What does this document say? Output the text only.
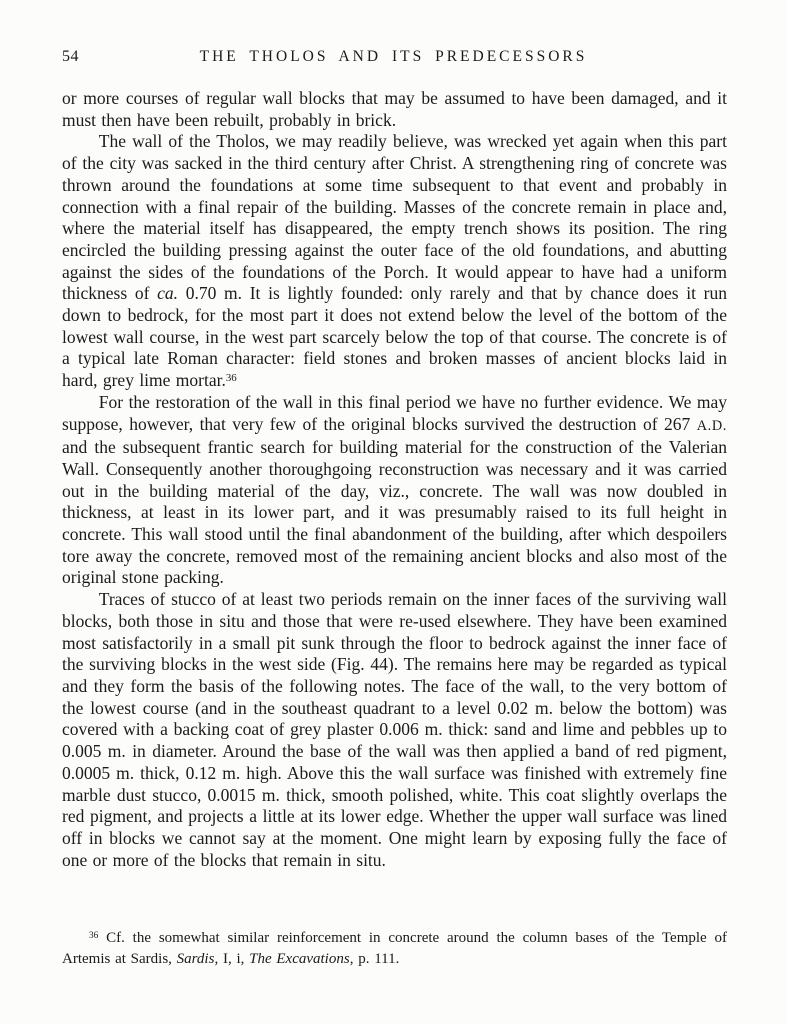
54	THE THOLOS AND ITS PREDECESSORS

or more courses of regular wall blocks that may be assumed to have been damaged, and it must then have been rebuilt, probably in brick.

The wall of the Tholos, we may readily believe, was wrecked yet again when this part of the city was sacked in the third century after Christ. A strengthening ring of concrete was thrown around the foundations at some time subsequent to that event and probably in connection with a final repair of the building. Masses of the concrete remain in place and, where the material itself has disappeared, the empty trench shows its position. The ring encircled the building pressing against the outer face of the old foundations, and abutting against the sides of the foundations of the Porch. It would appear to have had a uniform thickness of ca. 0.70 m. It is lightly founded: only rarely and that by chance does it run down to bedrock, for the most part it does not extend below the level of the bottom of the lowest wall course, in the west part scarcely below the top of that course. The concrete is of a typical late Roman character: field stones and broken masses of ancient blocks laid in hard, grey lime mortar.$^{36}$

For the restoration of the wall in this final period we have no further evidence. We may suppose, however, that very few of the original blocks survived the destruction of 267 A.D. and the subsequent frantic search for building material for the construction of the Valerian Wall. Consequently another thoroughgoing reconstruction was necessary and it was carried out in the building material of the day, viz., concrete. The wall was now doubled in thickness, at least in its lower part, and it was presumably raised to its full height in concrete. This wall stood until the final abandonment of the building, after which despoilers tore away the concrete, removed most of the remaining ancient blocks and also most of the original stone packing.

Traces of stucco of at least two periods remain on the inner faces of the surviving wall blocks, both those in situ and those that were re-used elsewhere. They have been examined most satisfactorily in a small pit sunk through the floor to bedrock against the inner face of the surviving blocks in the west side (Fig. 44). The remains here may be regarded as typical and they form the basis of the following notes. The face of the wall, to the very bottom of the lowest course (and in the southeast quadrant to a level 0.02 m. below the bottom) was covered with a backing coat of grey plaster 0.006 m. thick: sand and lime and pebbles up to 0.005 m. in diameter. Around the base of the wall was then applied a band of red pigment, 0.0005 m. thick, 0.12 m. high. Above this the wall surface was finished with extremely fine marble dust stucco, 0.0015 m. thick, smooth polished, white. This coat slightly overlaps the red pigment, and projects a little at its lower edge. Whether the upper wall surface was lined off in blocks we cannot say at the moment. One might learn by exposing fully the face of one or more of the blocks that remain in situ.

$^{36}$ Cf. the somewhat similar reinforcement in concrete around the column bases of the Temple of Artemis at Sardis, Sardis, I, i, The Excavations, p. 111.
